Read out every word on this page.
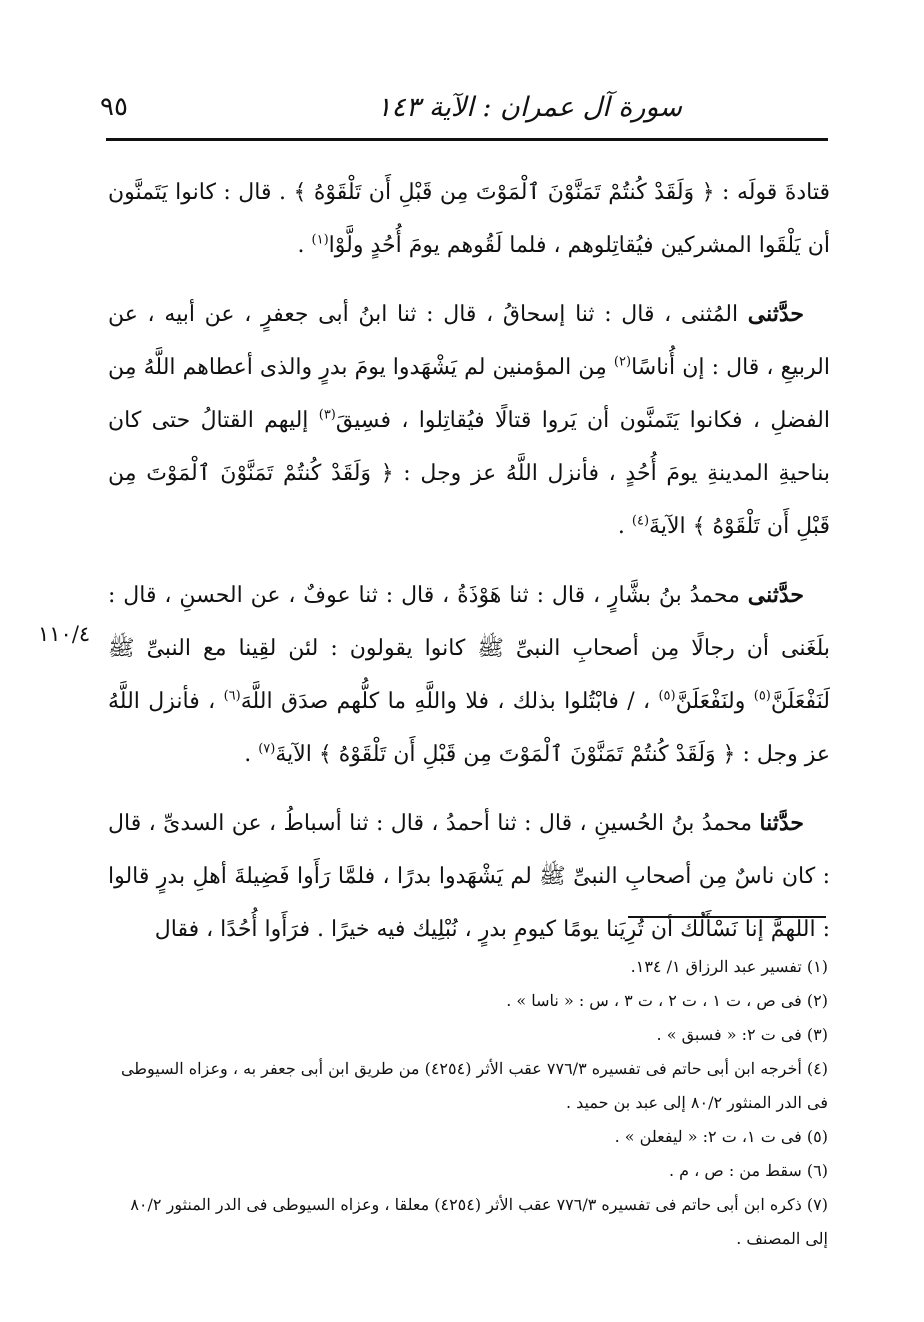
سورة آل عمران : الآية ١٤٣
٩٥
١١٠/٤

قتادةَ قولَه : ﴿ وَلَقَدْ كُنتُمْ تَمَنَّوْنَ ٱلْمَوْتَ مِن قَبْلِ أَن تَلْقَوْهُ ﴾ . قال : كانوا يَتَمنَّون أن يَلْقَوا المشركين فيُقاتِلوهم ، فلما لَقُوهم يومَ أُحُدٍ ولَّوْا$^{(١)}$ .

حدَّثنى المُثنى ، قال : ثنا إسحاقُ ، قال : ثنا ابنُ أبى جعفرٍ ، عن أبيه ، عن الربيعِ ، قال : إن أُناسًا$^{(٢)}$ مِن المؤمنين لم يَشْهَدوا يومَ بدرٍ والذى أعطاهم اللَّهُ مِن الفضلِ ، فكانوا يَتَمنَّون أن يَروا قتالًا فيُقاتِلوا ، فسِيقَ$^{(٣)}$ إليهم القتالُ حتى كان بناحيةِ المدينةِ يومَ أُحُدٍ ، فأنزل اللَّهُ عز وجل : ﴿ وَلَقَدْ كُنتُمْ تَمَنَّوْنَ ٱلْمَوْتَ مِن قَبْلِ أَن تَلْقَوْهُ ﴾ الآيةَ$^{(٤)}$ .

حدَّثنى محمدُ بنُ بشَّارٍ ، قال : ثنا هَوْذَةُ ، قال : ثنا عوفٌ ، عن الحسنِ ، قال : بلَغَنى أن رجالًا مِن أصحابِ النبىِّ ﷺ كانوا يقولون : لئن لقِينا مع النبىِّ ﷺ لَنَفْعَلَنَّ$^{(٥)}$ ولنَفْعَلَنَّ$^{(٥)}$ ، / فابْتُلوا بذلك ، فلا واللَّهِ ما كلُّهم صدَق اللَّهَ$^{(٦)}$ ، فأنزل اللَّهُ عز وجل : ﴿ وَلَقَدْ كُنتُمْ تَمَنَّوْنَ ٱلْمَوْتَ مِن قَبْلِ أَن تَلْقَوْهُ ﴾ الآيةَ$^{(٧)}$ .

حدَّثنا محمدُ بنُ الحُسينِ ، قال : ثنا أحمدُ ، قال : ثنا أسباطُ ، عن السدىِّ ، قال : كان ناسٌ مِن أصحابِ النبىِّ ﷺ لم يَشْهَدوا بدرًا ، فلمَّا رَأَوا فَضِيلةَ أهلِ بدرٍ قالوا : اللهمَّ إنا نَسْأَلُك أن تُرِيَنا يومًا كيومِ بدرٍ ، نُبْلِيك فيه خيرًا . فرَأَوا أُحُدًا ، فقال

(١) تفسير عبد الرزاق ١/ ١٣٤.

(٢) فى ص ، ت ١ ، ت ٢ ، ت ٣ ، س : « ناسا » .

(٣) فى ت ٢: « فسبق » .

(٤) أخرجه ابن أبى حاتم فى تفسيره ٧٧٦/٣ عقب الأثر (٤٢٥٤) من طريق ابن أبى جعفر به ، وعزاه السيوطى فى الدر المنثور ٨٠/٢ إلى عبد بن حميد .

(٥) فى ت ١، ت ٢: « ليفعلن » .

(٦) سقط من : ص ، م .

(٧) ذكره ابن أبى حاتم فى تفسيره ٧٧٦/٣ عقب الأثر (٤٢٥٤) معلقا ، وعزاه السيوطى فى الدر المنثور ٨٠/٢ إلى المصنف .
